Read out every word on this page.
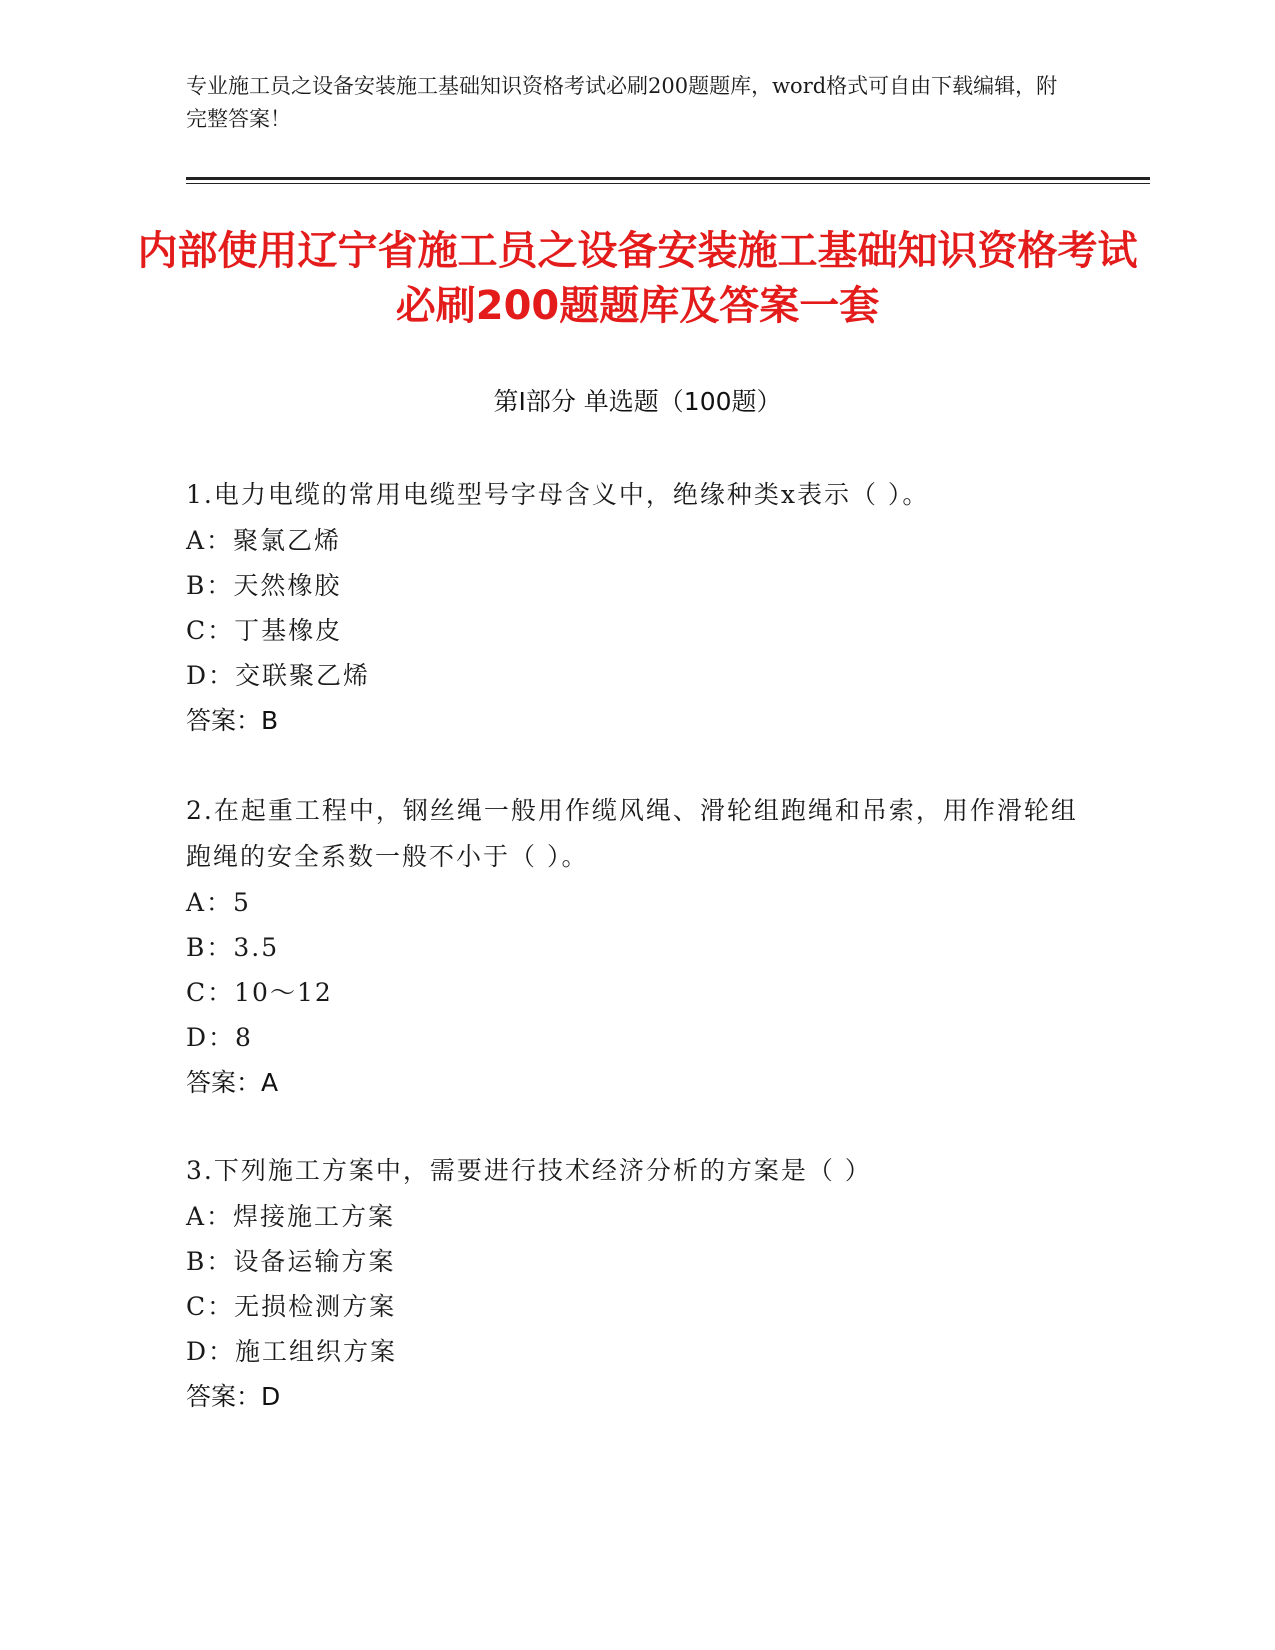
专业施工员之设备安装施工基础知识资格考试必刷200题题库，word格式可自由下载编辑，附完整答案！
内部使用辽宁省施工员之设备安装施工基础知识资格考试必刷200题题库及答案一套
第Ⅰ部分 单选题（100题）
1.电力电缆的常用电缆型号字母含义中，绝缘种类x表示（ ）。
A：聚氯乙烯
B：天然橡胶
C：丁基橡皮
D：交联聚乙烯
答案：B
2.在起重工程中，钢丝绳一般用作缆风绳、滑轮组跑绳和吊索，用作滑轮组跑绳的安全系数一般不小于（ ）。
A：5
B：3.5
C：10～12
D：8
答案：A
3.下列施工方案中，需要进行技术经济分析的方案是（ ）
A：焊接施工方案
B：设备运输方案
C：无损检测方案
D：施工组织方案
答案：D
